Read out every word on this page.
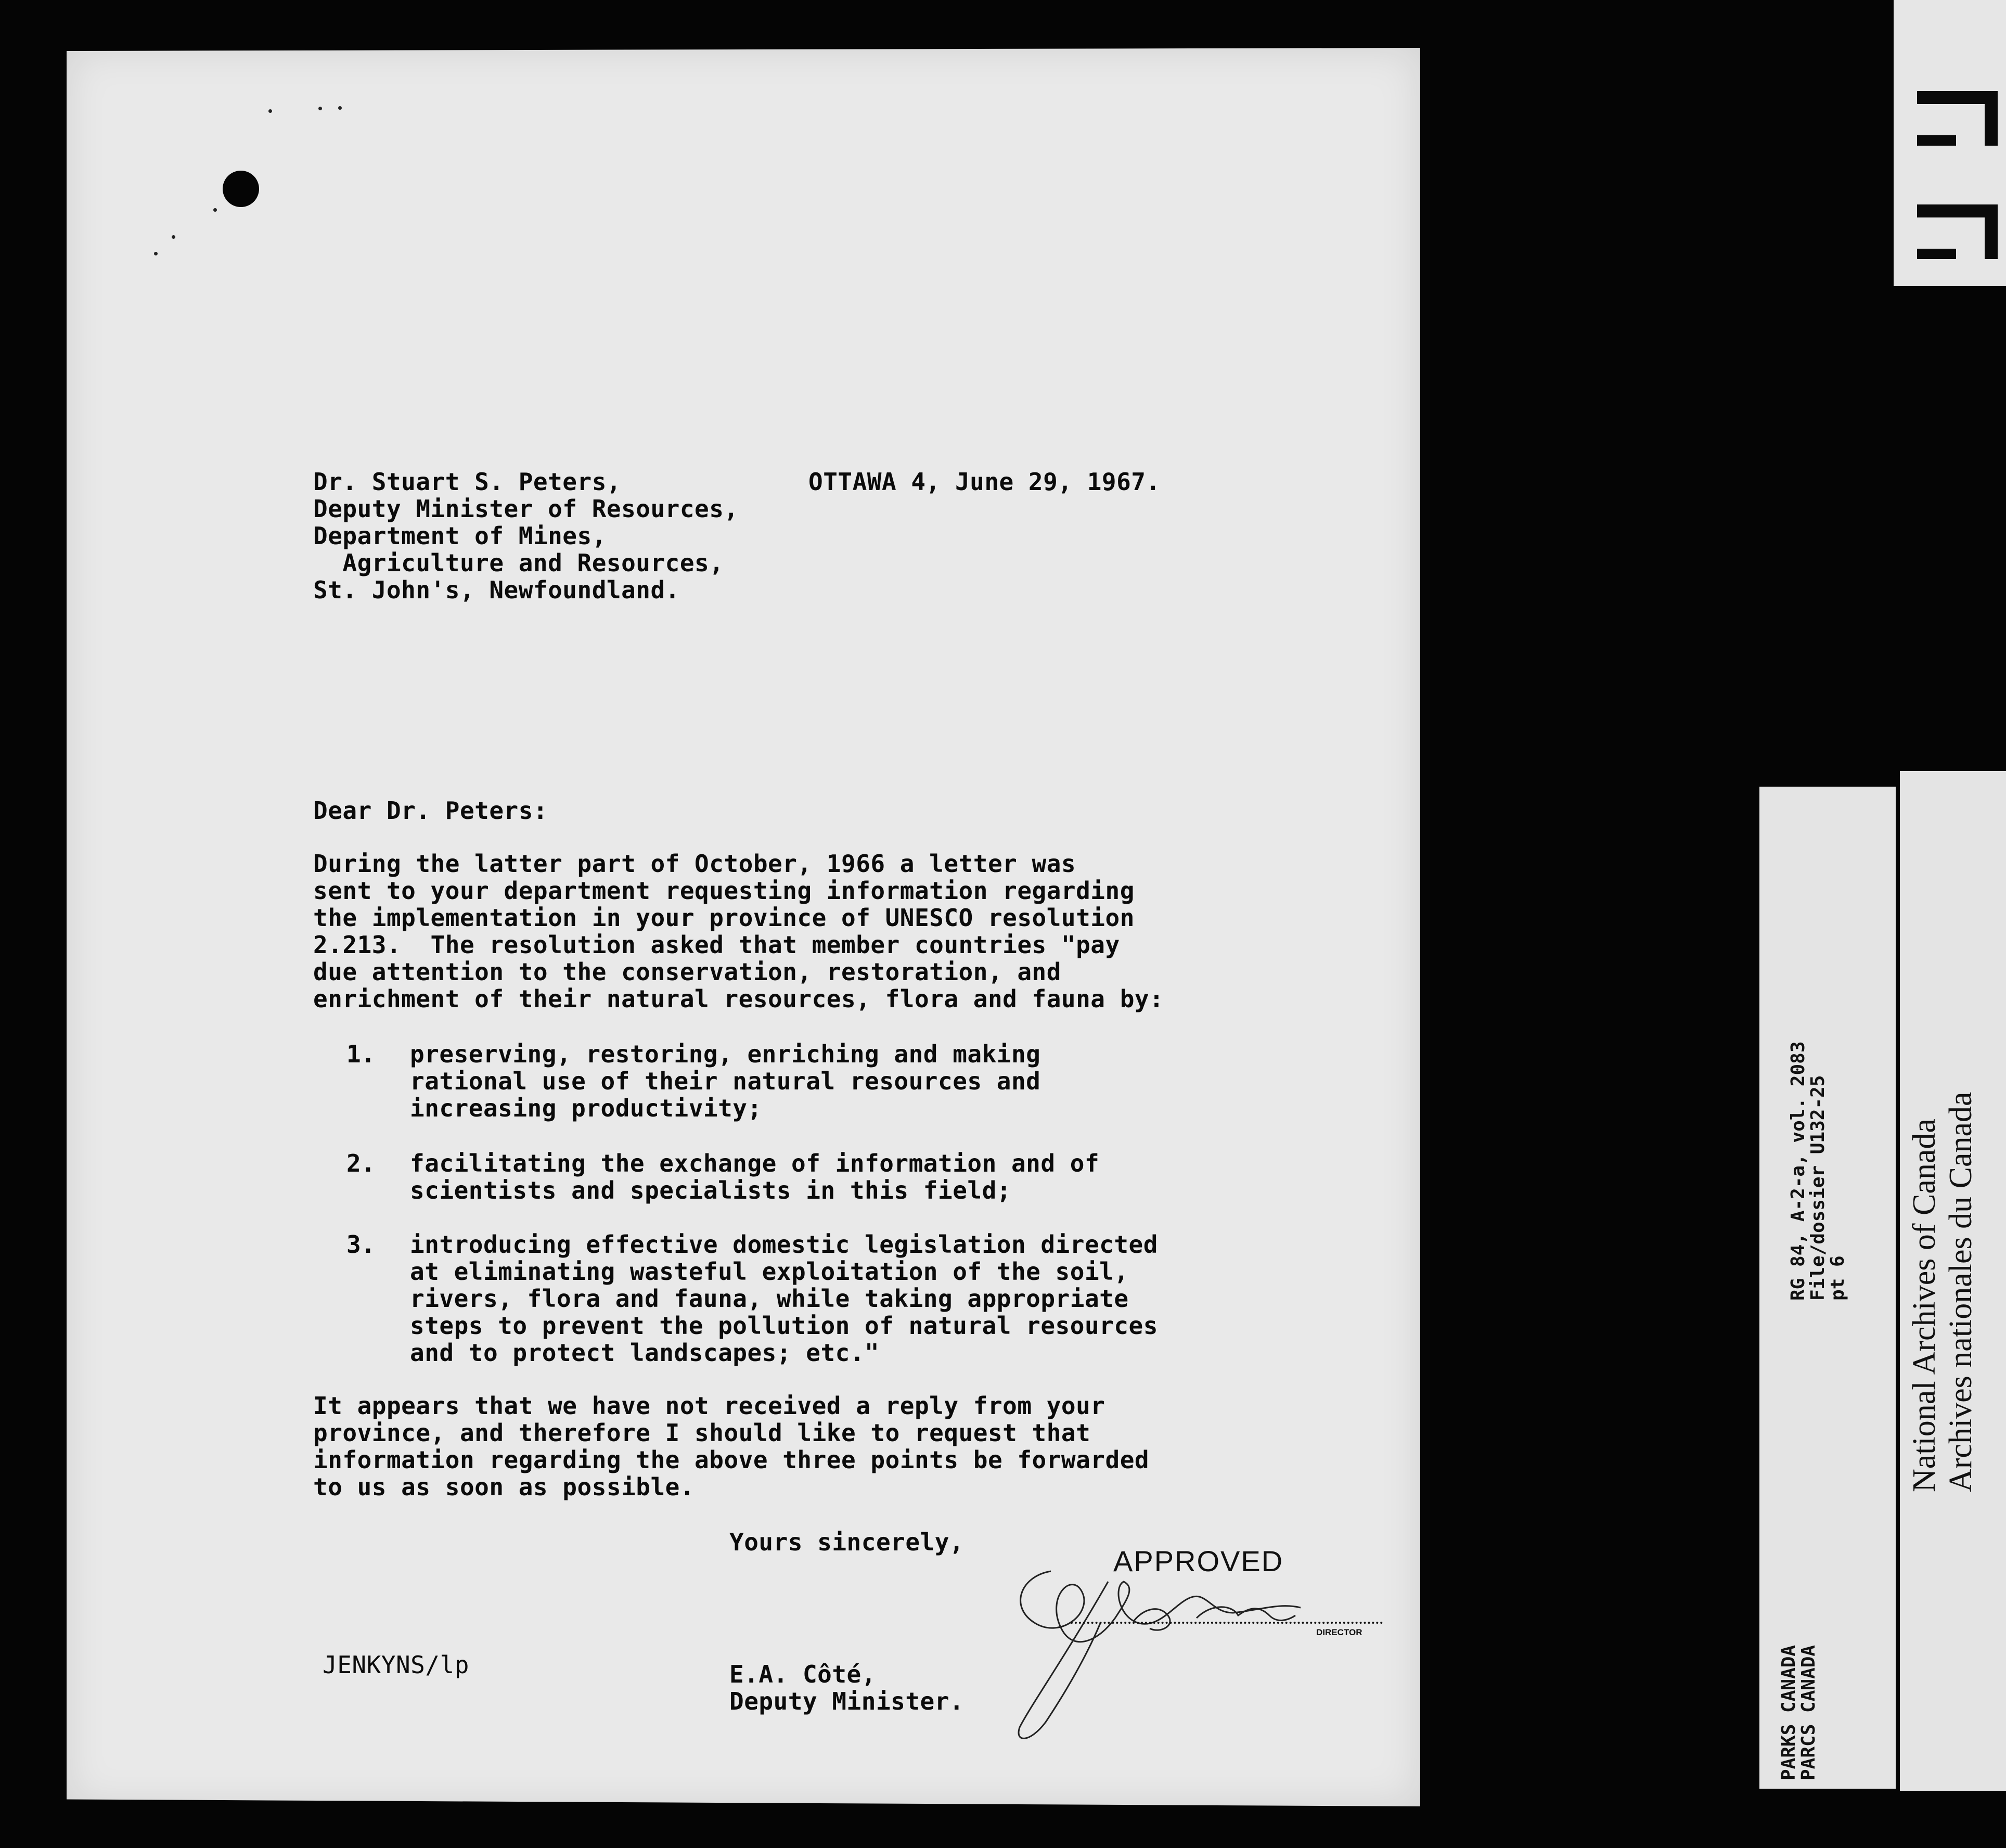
Dr. Stuart S. Peters,
Deputy Minister of Resources,
Department of Mines,
Agriculture and Resources,
St. John's, Newfoundland.
OTTAWA 4, June 29, 1967.
Dear Dr. Peters:
During the latter part of October, 1966 a letter was
sent to your department requesting information regarding
the implementation in your province of UNESCO resolution
2.213.  The resolution asked that member countries "pay
due attention to the conservation, restoration, and
enrichment of their natural resources, flora and fauna by:
1. preserving, restoring, enriching and making
rational use of their natural resources and
increasing productivity;
2. facilitating the exchange of information and of
scientists and specialists in this field;
3. introducing effective domestic legislation directed
at eliminating wasteful exploitation of the soil,
rivers, flora and fauna, while taking appropriate
steps to prevent the pollution of natural resources
and to protect landscapes; etc."
It appears that we have not received a reply from your
province, and therefore I should like to request that
information regarding the above three points be forwarded
to us as soon as possible.
Yours sincerely,
JENKYNS/lp	E.A. Côté,
Deputy Minister.
APPROVED
DIRECTOR
RG 84, A-2-a, vol. 2083
File/dossier U132-25
pt 6
PARKS CANADA
PARCS CANADA
National Archives of Canada Archives nationales du Canada
